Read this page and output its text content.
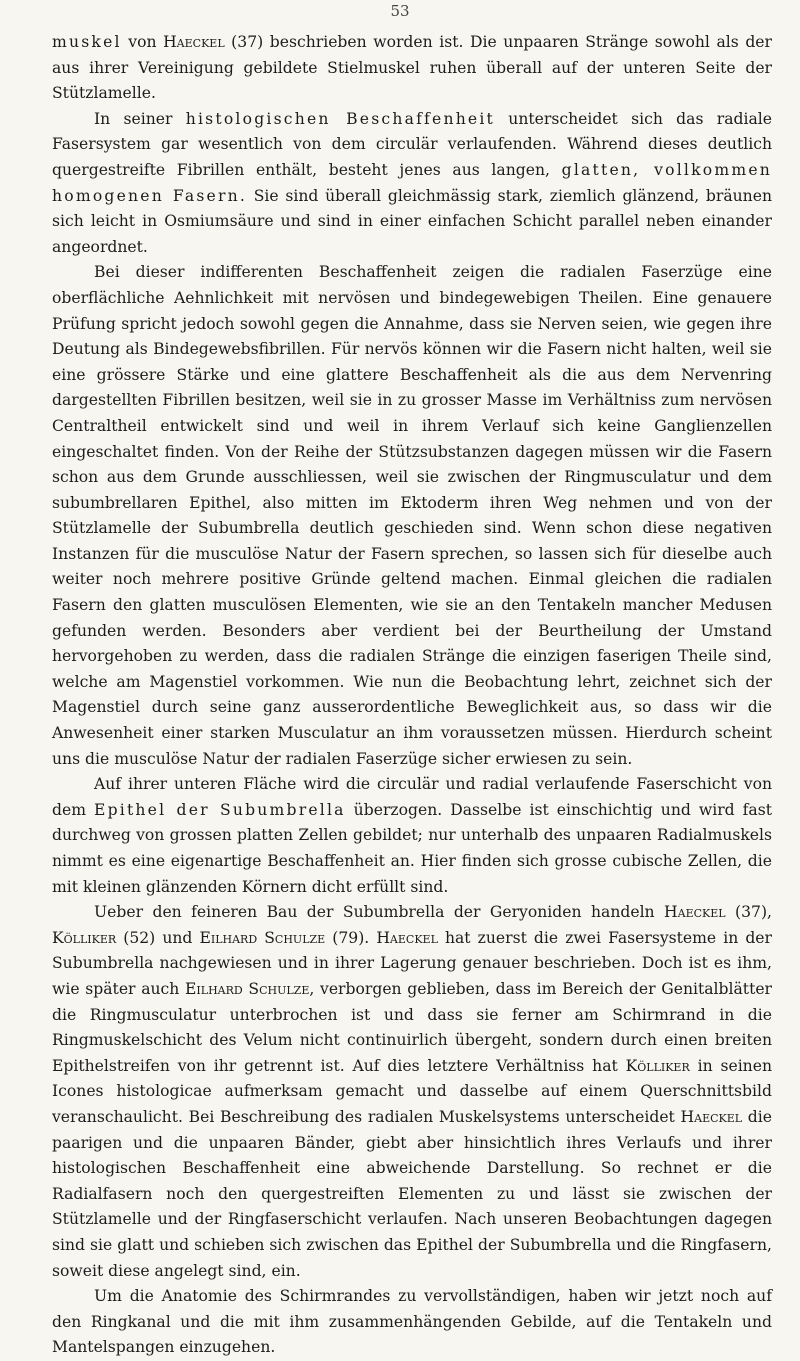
53

muskel von Haeckel (37) beschrieben worden ist. Die unpaaren Stränge sowohl als der aus ihrer Vereinigung gebildete Stielmuskel ruhen überall auf der unteren Seite der Stützlamelle.

In seiner histologischen Beschaffenheit unterscheidet sich das radiale Fasersystem gar wesentlich von dem circulär verlaufenden. Während dieses deutlich quergestreifte Fibrillen enthält, besteht jenes aus langen, glatten, vollkommen homogenen Fasern. Sie sind überall gleichmässig stark, ziemlich glänzend, bräunen sich leicht in Osmiumsäure und sind in einer einfachen Schicht parallel neben einander angeordnet.

Bei dieser indifferenten Beschaffenheit zeigen die radialen Faserzüge eine oberflächliche Aehnlichkeit mit nervösen und bindegewebigen Theilen. Eine genauere Prüfung spricht jedoch sowohl gegen die Annahme, dass sie Nerven seien, wie gegen ihre Deutung als Bindegewebsfibrillen. Für nervös können wir die Fasern nicht halten, weil sie eine grössere Stärke und eine glattere Beschaffenheit als die aus dem Nervenring dargestellten Fibrillen besitzen, weil sie in zu grosser Masse im Verhältniss zum nervösen Centraltheil entwickelt sind und weil in ihrem Verlauf sich keine Ganglienzellen eingeschaltet finden. Von der Reihe der Stützsubstanzen dagegen müssen wir die Fasern schon aus dem Grunde ausschliessen, weil sie zwischen der Ringmusculatur und dem subumbrellaren Epithel, also mitten im Ektoderm ihren Weg nehmen und von der Stützlamelle der Subumbrella deutlich geschieden sind. Wenn schon diese negativen Instanzen für die musculöse Natur der Fasern sprechen, so lassen sich für dieselbe auch weiter noch mehrere positive Gründe geltend machen. Einmal gleichen die radialen Fasern den glatten musculösen Elementen, wie sie an den Tentakeln mancher Medusen gefunden werden. Besonders aber verdient bei der Beurtheilung der Umstand hervorgehoben zu werden, dass die radialen Stränge die einzigen faserigen Theile sind, welche am Magenstiel vorkommen. Wie nun die Beobachtung lehrt, zeichnet sich der Magenstiel durch seine ganz ausserordentliche Beweglichkeit aus, so dass wir die Anwesenheit einer starken Musculatur an ihm voraussetzen müssen. Hierdurch scheint uns die musculöse Natur der radialen Faserzüge sicher erwiesen zu sein.

Auf ihrer unteren Fläche wird die circulär und radial verlaufende Faserschicht von dem Epithel der Subumbrella überzogen. Dasselbe ist einschichtig und wird fast durchweg von grossen platten Zellen gebildet; nur unterhalb des unpaaren Radialmuskels nimmt es eine eigenartige Beschaffenheit an. Hier finden sich grosse cubische Zellen, die mit kleinen glänzenden Körnern dicht erfüllt sind.

Ueber den feineren Bau der Subumbrella der Geryoniden handeln Haeckel (37), Kölliker (52) und Eilhard Schulze (79). Haeckel hat zuerst die zwei Fasersysteme in der Subumbrella nachgewiesen und in ihrer Lagerung genauer beschrieben. Doch ist es ihm, wie später auch Eilhard Schulze, verborgen geblieben, dass im Bereich der Genitalblätter die Ringmusculatur unterbrochen ist und dass sie ferner am Schirmrand in die Ringmuskelschicht des Velum nicht continuirlich übergeht, sondern durch einen breiten Epithelstreifen von ihr getrennt ist. Auf dies letztere Verhältniss hat Kölliker in seinen Icones histologicae aufmerksam gemacht und dasselbe auf einem Querschnittsbild veranschaulicht. Bei Beschreibung des radialen Muskelsystems unterscheidet Haeckel die paarigen und die unpaaren Bänder, giebt aber hinsichtlich ihres Verlaufs und ihrer histologischen Beschaffenheit eine abweichende Darstellung. So rechnet er die Radialfasern noch den quergestreiften Elementen zu und lässt sie zwischen der Stützlamelle und der Ringfaserschicht verlaufen. Nach unseren Beobachtungen dagegen sind sie glatt und schieben sich zwischen das Epithel der Subumbrella und die Ringfasern, soweit diese angelegt sind, ein.

Um die Anatomie des Schirmrandes zu vervollständigen, haben wir jetzt noch auf den Ringkanal und die mit ihm zusammenhängenden Gebilde, auf die Tentakeln und Mantelspangen einzugehen.
